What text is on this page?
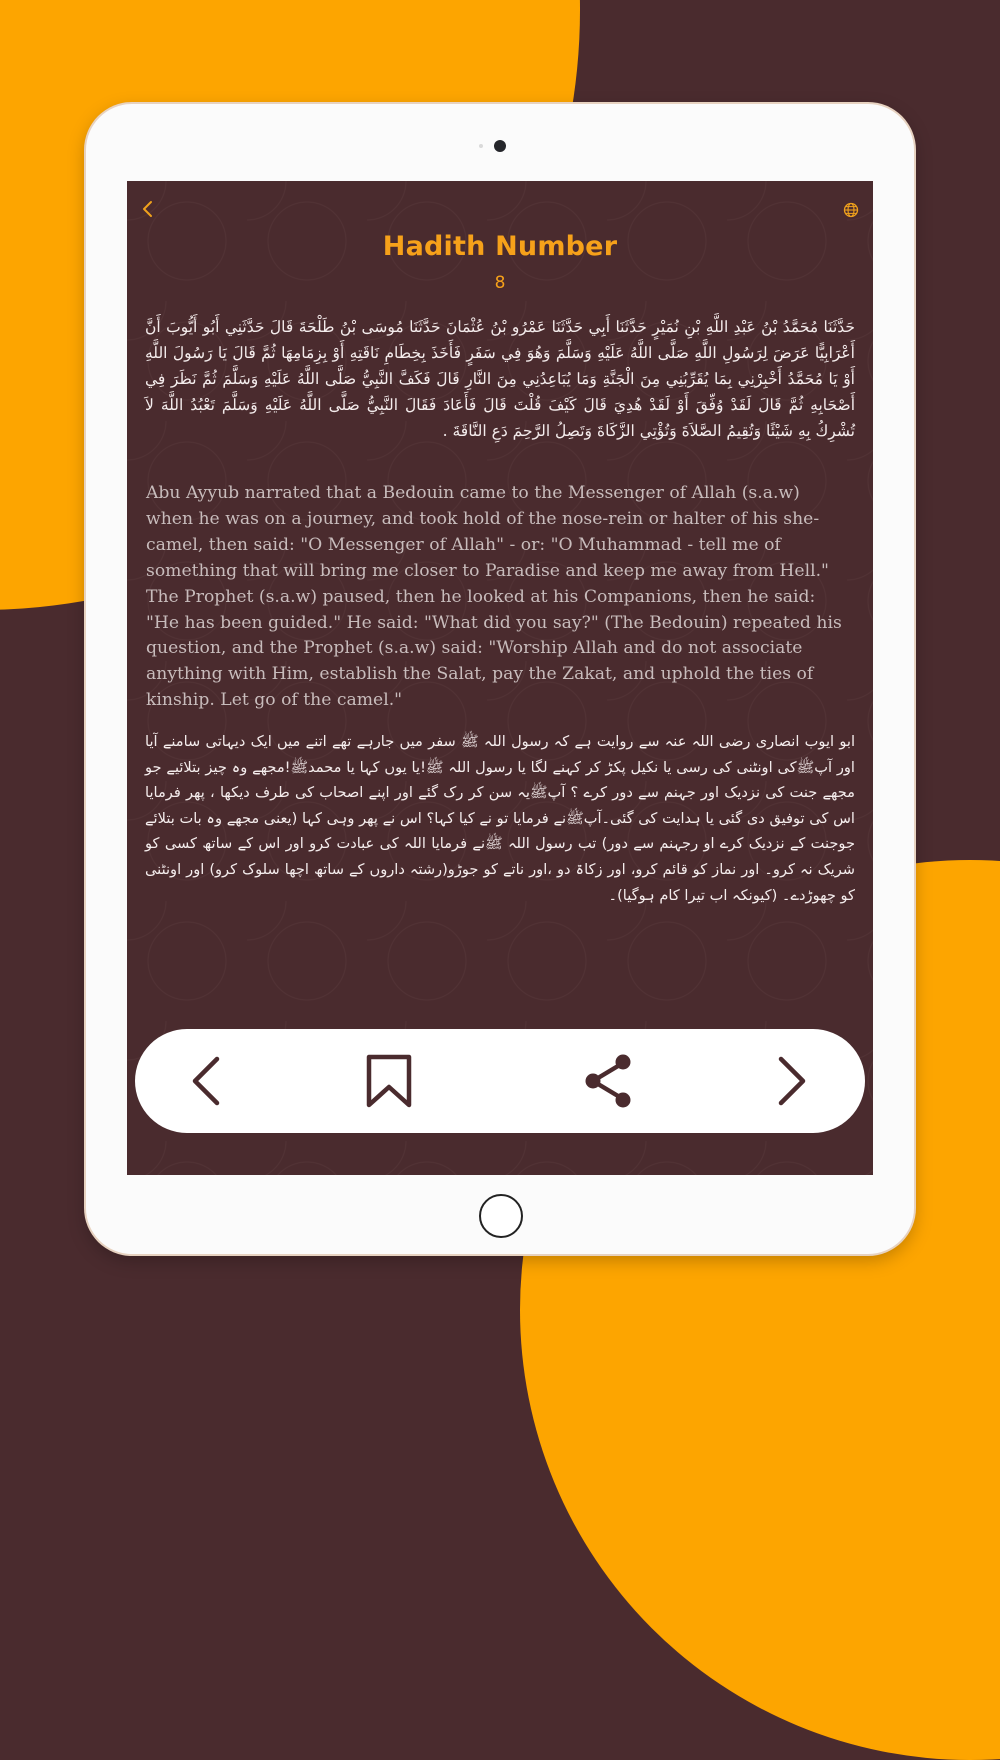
Hadith Number
8
حَدَّثَنَا مُحَمَّدُ بْنُ عَبْدِ اللَّهِ بْنِ نُمَيْرٍ حَدَّثَنَا أَبِي حَدَّثَنَا عَمْرُو بْنُ عُثْمَانَ حَدَّثَنَا مُوسَى بْنُ طَلْحَةَ قَالَ حَدَّثَنِي أَبُو أَيُّوبَ أَنَّ أَعْرَابِيًّا عَرَضَ لِرَسُولِ اللَّهِ صَلَّى اللَّهُ عَلَيْهِ وَسَلَّمَ وَهُوَ فِي سَفَرٍ فَأَخَذَ بِخِطَامِ نَاقَتِهِ أَوْ بِزِمَامِهَا ثُمَّ قَالَ يَا رَسُولَ اللَّهِ أَوْ يَا مُحَمَّدُ أَخْبِرْنِي بِمَا يُقَرِّبُنِي مِنَ الْجَنَّةِ وَمَا يُبَاعِدُنِي مِنَ النَّارِ قَالَ فَكَفَّ النَّبِيُّ صَلَّى اللَّهُ عَلَيْهِ وَسَلَّمَ ثُمَّ نَظَرَ فِي أَصْحَابِهِ ثُمَّ قَالَ لَقَدْ وُفِّقَ أَوْ لَقَدْ هُدِيَ قَالَ كَيْفَ قُلْتَ قَالَ فَأَعَادَ فَقَالَ النَّبِيُّ صَلَّى اللَّهُ عَلَيْهِ وَسَلَّمَ تَعْبُدُ اللَّهَ لاَ تُشْرِكُ بِهِ شَيْئًا وَتُقِيمُ الصَّلاَةَ وَتُؤْتِي الزَّكَاةَ وَتَصِلُ الرَّحِمَ دَعِ النَّاقَةَ ‏.‏
Abu Ayyub narrated that a Bedouin came to the Messenger of Allah (s.a.w) when he was on a journey, and took hold of the nose-rein or halter of his she-camel, then said: "O Messenger of Allah" - or: "O Muhammad - tell me of something that will bring me closer to Paradise and keep me away from Hell." The Prophet (s.a.w) paused, then he looked at his Companions, then he said: "He has been guided." He said: "What did you say?" (The Bedouin) repeated his question, and the Prophet (s.a.w) said: "Worship Allah and do not associate anything with Him, establish the Salat, pay the Zakat, and uphold the ties of kinship. Let go of the camel."
ابو ایوب انصاری رضی اللہ عنہ سے روایت ہے کہ رسول اللہ ﷺ سفر میں جارہے تھے اتنے میں ایک دیہاتی سامنے آیا اور آپﷺکی اونٹنی کی رسی یا نکیل پکڑ کر کہنے لگا یا رسول اللہ ﷺ!یا یوں کہا یا محمدﷺ!مجھے وہ چیز بتلائیے جو مجھے جنت کی نزدیک اور جہنم سے دور کرے ؟ آپﷺیہ سن کر رک گئے اور اپنے اصحاب کی طرف دیکھا ، پھر فرمایا اس کی توفیق دی گئی یا ہدایت کی گئی۔آپﷺنے فرمایا تو نے کیا کہا؟ اس نے پھر وہی کہا (یعنی مجھے وہ بات بتلائے جوجنت کے نزدیک کرے او رجہنم سے دور) تب رسول اللہ ﷺنے فرمایا اللہ کی عبادت کرو اور اس کے ساتھ کسی کو شریک نہ کرو۔ اور نماز کو قائم کرو، اور زکاۃ دو ،اور ناتے کو جوڑو(رشتہ داروں کے ساتھ اچھا سلوک کرو) اور اونٹنی کو چھوڑدے۔ (کیونکہ اب تیرا کام ہوگیا)۔
